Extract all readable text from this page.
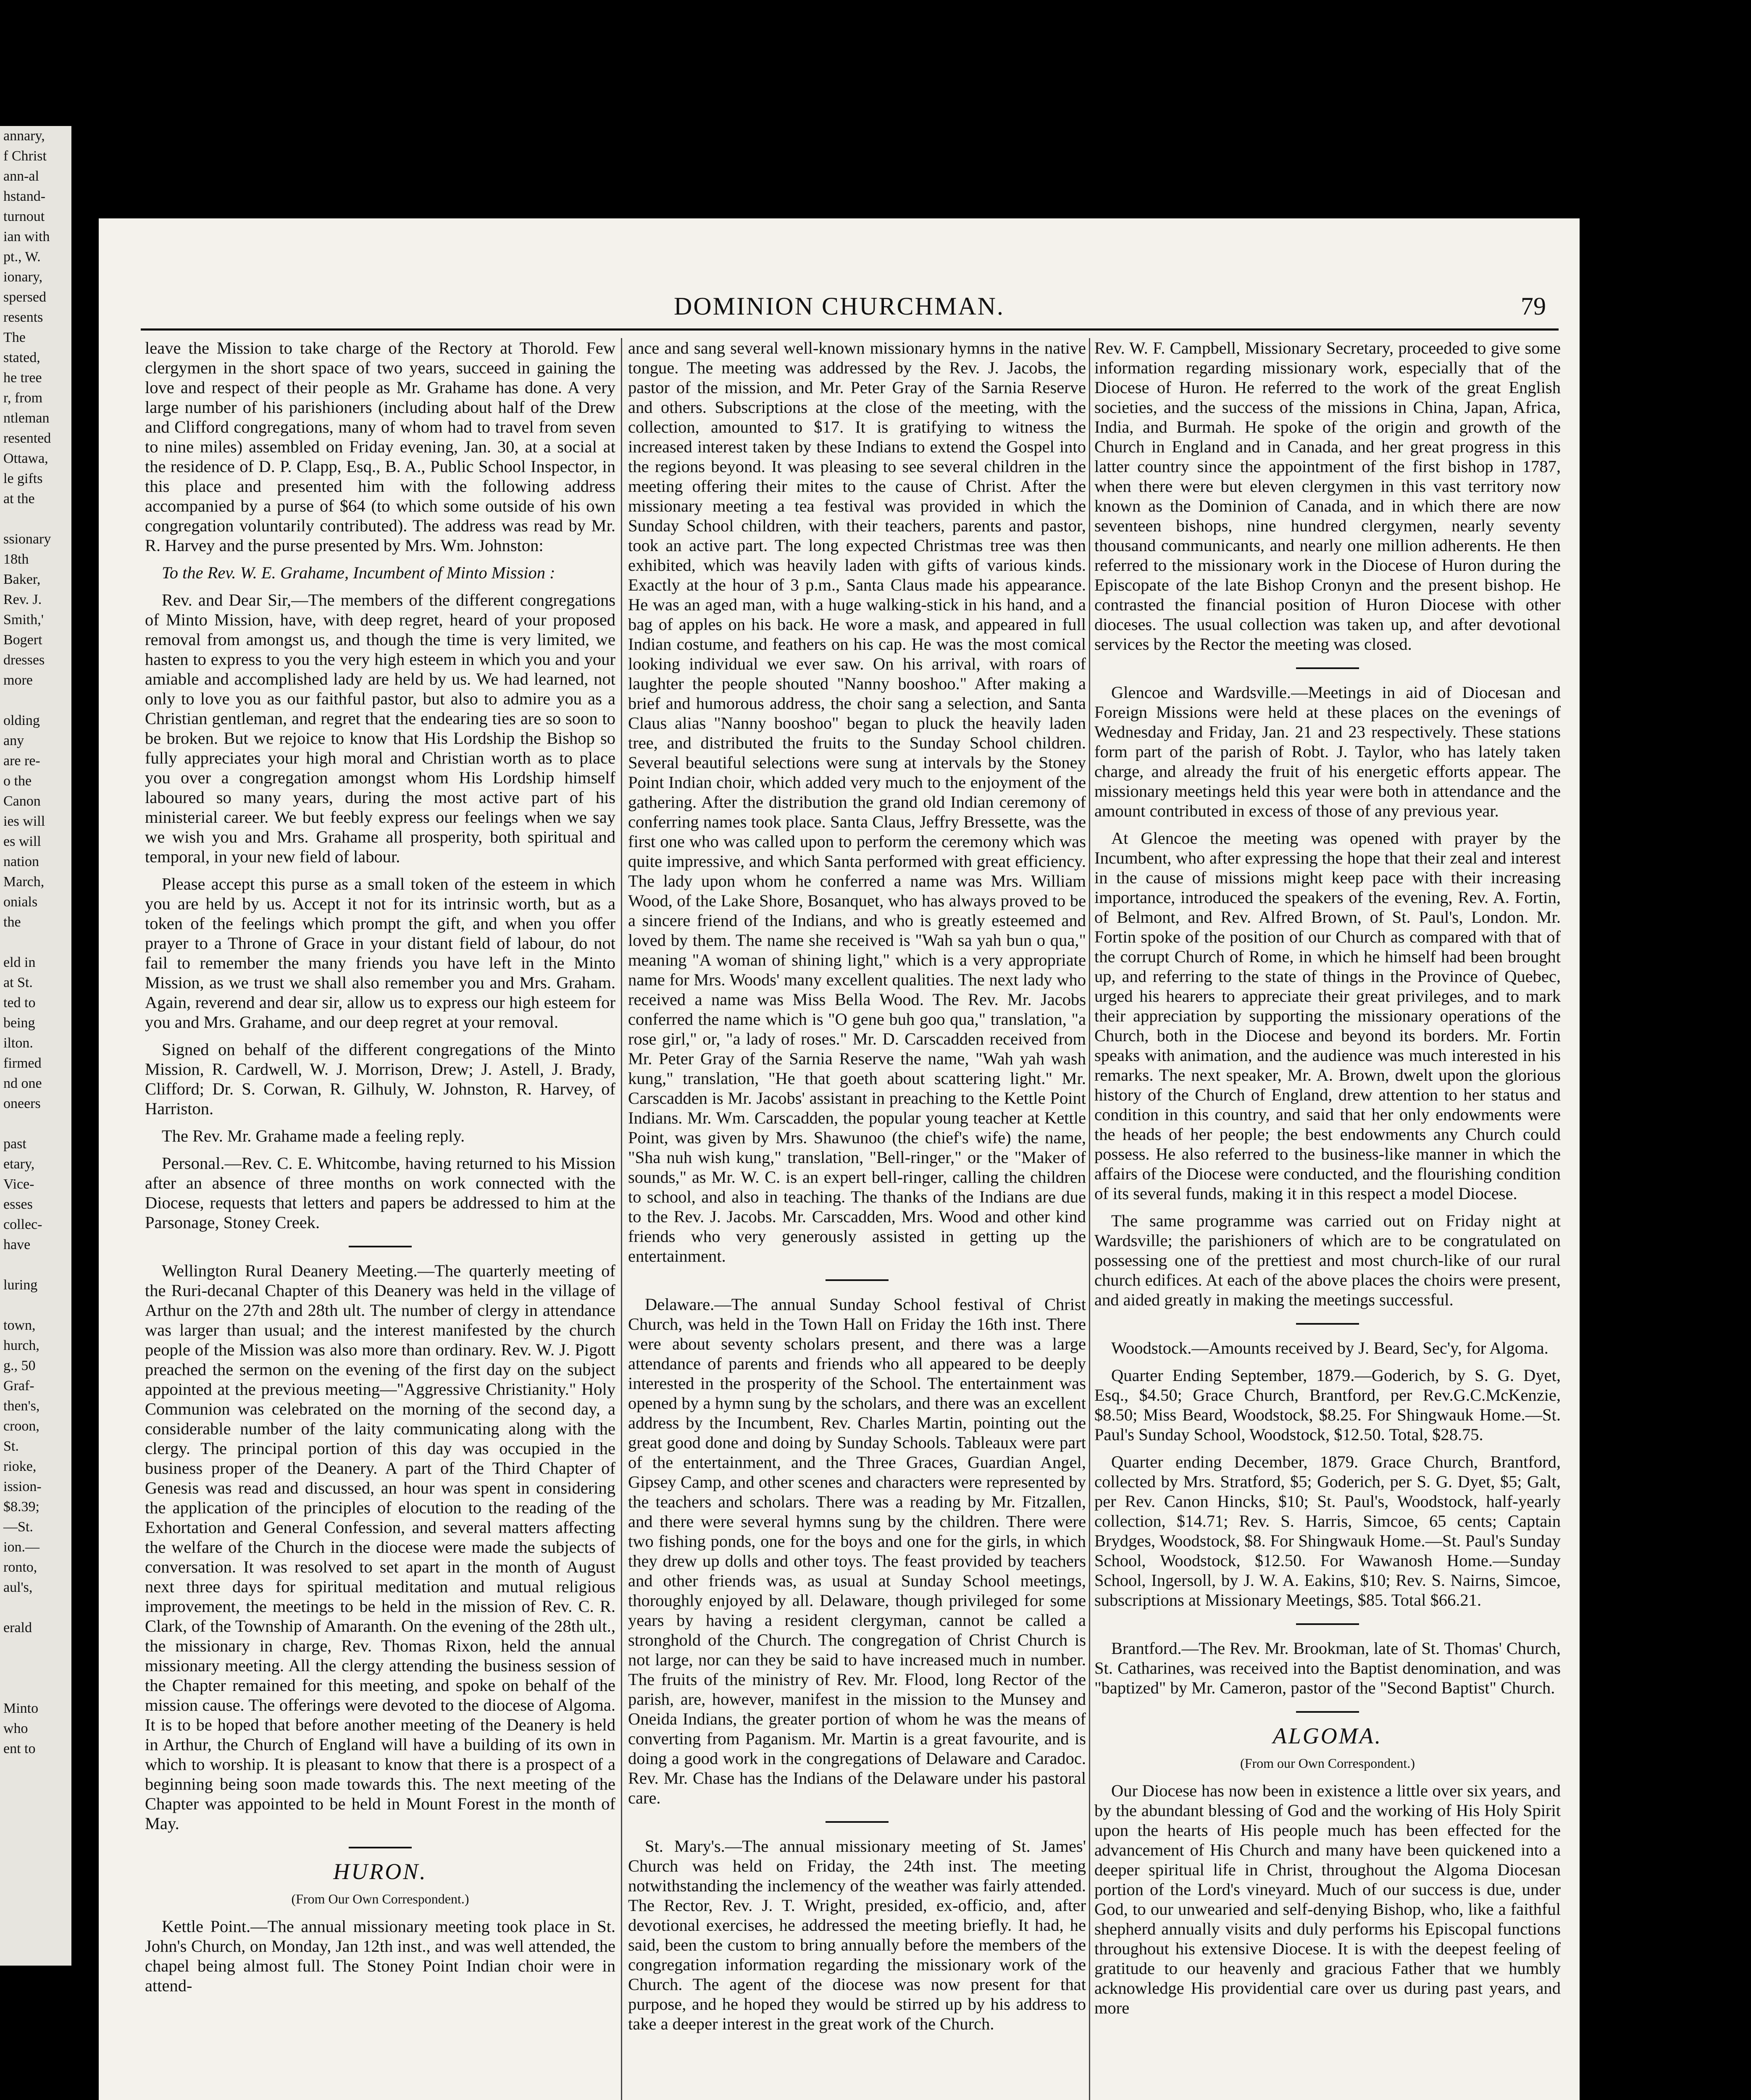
annary,
f Christ
ann-al
hstand-
turnout
ian with
pt., W.
ionary,
spersed
resents
The
stated,
he tree
r, from
ntleman
resented
Ottawa,
le gifts
at the

ssionary
18th
Baker,
Rev. J.
Smith,'
Bogert
dresses
more

olding
any
are re-
o the
Canon
ies will
es will
nation
March,
onials
the

eld in
at St.
ted to
being
ilton.
firmed
nd one
oneers

past
etary,
Vice-
esses
collec-
have

luring

town,
hurch,
g., 50
Graf-
then's,
croon,
St.
rioke,
ission-
$8.39;
—St.
ion.—
ronto,
aul's,

erald

Minto
who
ent to
DOMINION CHURCHMAN.	79

leave the Mission to take charge of the Rectory at Thorold. Few clergymen in the short space of two years, succeed in gaining the love and respect of their people as Mr. Grahame has done. A very large number of his parishioners (including about half of the Drew and Clifford congregations, many of whom had to travel from seven to nine miles) assembled on Friday evening, Jan. 30, at a social at the residence of D. P. Clapp, Esq., B. A., Public School Inspector, in this place and presented him with the following address accompanied by a purse of $64 (to which some outside of his own congregation voluntarily contributed). The address was read by Mr. R. Harvey and the purse presented by Mrs. Wm. Johnston:

To the Rev. W. E. Grahame, Incumbent of Minto Mission :

Rev. and Dear Sir,—The members of the different congregations of Minto Mission, have, with deep regret, heard of your proposed removal from amongst us, and though the time is very limited, we hasten to express to you the very high esteem in which you and your amiable and accomplished lady are held by us. We had learned, not only to love you as our faithful pastor, but also to admire you as a Christian gentleman, and regret that the endearing ties are so soon to be broken. But we rejoice to know that His Lordship the Bishop so fully appreciates your high moral and Christian worth as to place you over a congregation amongst whom His Lordship himself laboured so many years, during the most active part of his ministerial career. We but feebly express our feelings when we say we wish you and Mrs. Grahame all prosperity, both spiritual and temporal, in your new field of labour.

Please accept this purse as a small token of the esteem in which you are held by us. Accept it not for its intrinsic worth, but as a token of the feelings which prompt the gift, and when you offer prayer to a Throne of Grace in your distant field of labour, do not fail to remember the many friends you have left in the Minto Mission, as we trust we shall also remember you and Mrs. Graham. Again, reverend and dear sir, allow us to express our high esteem for you and Mrs. Grahame, and our deep regret at your removal.

Signed on behalf of the different congregations of the Minto Mission, R. Cardwell, W. J. Morrison, Drew; J. Astell, J. Brady, Clifford; Dr. S. Corwan, R. Gilhuly, W. Johnston, R. Harvey, of Harriston.

The Rev. Mr. Grahame made a feeling reply.

Personal.—Rev. C. E. Whitcombe, having returned to his Mission after an absence of three months on work connected with the Diocese, requests that letters and papers be addressed to him at the Parsonage, Stoney Creek.

Wellington Rural Deanery Meeting.—The quarterly meeting of the Ruri-decanal Chapter of this Deanery was held in the village of Arthur on the 27th and 28th ult. The number of clergy in attendance was larger than usual; and the interest manifested by the church people of the Mission was also more than ordinary. Rev. W. J. Pigott preached the sermon on the evening of the first day on the subject appointed at the previous meeting—"Aggressive Christianity." Holy Communion was celebrated on the morning of the second day, a considerable number of the laity communicating along with the clergy. The principal portion of this day was occupied in the business proper of the Deanery. A part of the Third Chapter of Genesis was read and discussed, an hour was spent in considering the application of the principles of elocution to the reading of the Exhortation and General Confession, and several matters affecting the welfare of the Church in the diocese were made the subjects of conversation. It was resolved to set apart in the month of August next three days for spiritual meditation and mutual religious improvement, the meetings to be held in the mission of Rev. C. R. Clark, of the Township of Amaranth. On the evening of the 28th ult., the missionary in charge, Rev. Thomas Rixon, held the annual missionary meeting. All the clergy attending the business session of the Chapter remained for this meeting, and spoke on behalf of the mission cause. The offerings were devoted to the diocese of Algoma. It is to be hoped that before another meeting of the Deanery is held in Arthur, the Church of England will have a building of its own in which to worship. It is pleasant to know that there is a prospect of a beginning being soon made towards this. The next meeting of the Chapter was appointed to be held in Mount Forest in the month of May.

HURON.

(From Our Own Correspondent.)

Kettle Point.—The annual missionary meeting took place in St. John's Church, on Monday, Jan 12th inst., and was well attended, the chapel being almost full. The Stoney Point Indian choir were in attend-

ance and sang several well-known missionary hymns in the native tongue. The meeting was addressed by the Rev. J. Jacobs, the pastor of the mission, and Mr. Peter Gray of the Sarnia Reserve and others. Subscriptions at the close of the meeting, with the collection, amounted to $17. It is gratifying to witness the increased interest taken by these Indians to extend the Gospel into the regions beyond. It was pleasing to see several children in the meeting offering their mites to the cause of Christ. After the missionary meeting a tea festival was provided in which the Sunday School children, with their teachers, parents and pastor, took an active part. The long expected Christmas tree was then exhibited, which was heavily laden with gifts of various kinds. Exactly at the hour of 3 p.m., Santa Claus made his appearance. He was an aged man, with a huge walking-stick in his hand, and a bag of apples on his back. He wore a mask, and appeared in full Indian costume, and feathers on his cap. He was the most comical looking individual we ever saw. On his arrival, with roars of laughter the people shouted "Nanny booshoo." After making a brief and humorous address, the choir sang a selection, and Santa Claus alias "Nanny booshoo" began to pluck the heavily laden tree, and distributed the fruits to the Sunday School children. Several beautiful selections were sung at intervals by the Stoney Point Indian choir, which added very much to the enjoyment of the gathering. After the distribution the grand old Indian ceremony of conferring names took place. Santa Claus, Jeffry Bressette, was the first one who was called upon to perform the ceremony which was quite impressive, and which Santa performed with great efficiency. The lady upon whom he conferred a name was Mrs. William Wood, of the Lake Shore, Bosanquet, who has always proved to be a sincere friend of the Indians, and who is greatly esteemed and loved by them. The name she received is "Wah sa yah bun o qua," meaning "A woman of shining light," which is a very appropriate name for Mrs. Woods' many excellent qualities. The next lady who received a name was Miss Bella Wood. The Rev. Mr. Jacobs conferred the name which is "O gene buh goo qua," translation, "a rose girl," or, "a lady of roses." Mr. D. Carscadden received from Mr. Peter Gray of the Sarnia Reserve the name, "Wah yah wash kung," translation, "He that goeth about scattering light." Mr. Carscadden is Mr. Jacobs' assistant in preaching to the Kettle Point Indians. Mr. Wm. Carscadden, the popular young teacher at Kettle Point, was given by Mrs. Shawunoo (the chief's wife) the name, "Sha nuh wish kung," translation, "Bell-ringer," or the "Maker of sounds," as Mr. W. C. is an expert bell-ringer, calling the children to school, and also in teaching. The thanks of the Indians are due to the Rev. J. Jacobs. Mr. Carscadden, Mrs. Wood and other kind friends who very generously assisted in getting up the entertainment.

Delaware.—The annual Sunday School festival of Christ Church, was held in the Town Hall on Friday the 16th inst. There were about seventy scholars present, and there was a large attendance of parents and friends who all appeared to be deeply interested in the prosperity of the School. The entertainment was opened by a hymn sung by the scholars, and there was an excellent address by the Incumbent, Rev. Charles Martin, pointing out the great good done and doing by Sunday Schools. Tableaux were part of the entertainment, and the Three Graces, Guardian Angel, Gipsey Camp, and other scenes and characters were represented by the teachers and scholars. There was a reading by Mr. Fitzallen, and there were several hymns sung by the children. There were two fishing ponds, one for the boys and one for the girls, in which they drew up dolls and other toys. The feast provided by teachers and other friends was, as usual at Sunday School meetings, thoroughly enjoyed by all. Delaware, though privileged for some years by having a resident clergyman, cannot be called a stronghold of the Church. The congregation of Christ Church is not large, nor can they be said to have increased much in number. The fruits of the ministry of Rev. Mr. Flood, long Rector of the parish, are, however, manifest in the mission to the Munsey and Oneida Indians, the greater portion of whom he was the means of converting from Paganism. Mr. Martin is a great favourite, and is doing a good work in the congregations of Delaware and Caradoc. Rev. Mr. Chase has the Indians of the Delaware under his pastoral care.

St. Mary's.—The annual missionary meeting of St. James' Church was held on Friday, the 24th inst. The meeting notwithstanding the inclemency of the weather was fairly attended. The Rector, Rev. J. T. Wright, presided, ex-officio, and, after devotional exercises, he addressed the meeting briefly. It had, he said, been the custom to bring annually before the members of the congregation information regarding the missionary work of the Church. The agent of the diocese was now present for that purpose, and he hoped they would be stirred up by his address to take a deeper interest in the great work of the Church.

Rev. W. F. Campbell, Missionary Secretary, proceeded to give some information regarding missionary work, especially that of the Diocese of Huron. He referred to the work of the great English societies, and the success of the missions in China, Japan, Africa, India, and Burmah. He spoke of the origin and growth of the Church in England and in Canada, and her great progress in this latter country since the appointment of the first bishop in 1787, when there were but eleven clergymen in this vast territory now known as the Dominion of Canada, and in which there are now seventeen bishops, nine hundred clergymen, nearly seventy thousand communicants, and nearly one million adherents. He then referred to the missionary work in the Diocese of Huron during the Episcopate of the late Bishop Cronyn and the present bishop. He contrasted the financial position of Huron Diocese with other dioceses. The usual collection was taken up, and after devotional services by the Rector the meeting was closed.

Glencoe and Wardsville.—Meetings in aid of Diocesan and Foreign Missions were held at these places on the evenings of Wednesday and Friday, Jan. 21 and 23 respectively. These stations form part of the parish of Robt. J. Taylor, who has lately taken charge, and already the fruit of his energetic efforts appear. The missionary meetings held this year were both in attendance and the amount contributed in excess of those of any previous year.

At Glencoe the meeting was opened with prayer by the Incumbent, who after expressing the hope that their zeal and interest in the cause of missions might keep pace with their increasing importance, introduced the speakers of the evening, Rev. A. Fortin, of Belmont, and Rev. Alfred Brown, of St. Paul's, London. Mr. Fortin spoke of the position of our Church as compared with that of the corrupt Church of Rome, in which he himself had been brought up, and referring to the state of things in the Province of Quebec, urged his hearers to appreciate their great privileges, and to mark their appreciation by supporting the missionary operations of the Church, both in the Diocese and beyond its borders. Mr. Fortin speaks with animation, and the audience was much interested in his remarks. The next speaker, Mr. A. Brown, dwelt upon the glorious history of the Church of England, drew attention to her status and condition in this country, and said that her only endowments were the heads of her people; the best endowments any Church could possess. He also referred to the business-like manner in which the affairs of the Diocese were conducted, and the flourishing condition of its several funds, making it in this respect a model Diocese.

The same programme was carried out on Friday night at Wardsville; the parishioners of which are to be congratulated on possessing one of the prettiest and most church-like of our rural church edifices. At each of the above places the choirs were present, and aided greatly in making the meetings successful.

Woodstock.—Amounts received by J. Beard, Sec'y, for Algoma.

Quarter Ending September, 1879.—Goderich, by S. G. Dyet, Esq., $4.50; Grace Church, Brantford, per Rev.G.C.McKenzie, $8.50; Miss Beard, Woodstock, $8.25. For Shingwauk Home.—St. Paul's Sunday School, Woodstock, $12.50. Total, $28.75.

Quarter ending December, 1879. Grace Church, Brantford, collected by Mrs. Stratford, $5; Goderich, per S. G. Dyet, $5; Galt, per Rev. Canon Hincks, $10; St. Paul's, Woodstock, half-yearly collection, $14.71; Rev. S. Harris, Simcoe, 65 cents; Captain Brydges, Woodstock, $8. For Shingwauk Home.—St. Paul's Sunday School, Woodstock, $12.50. For Wawanosh Home.—Sunday School, Ingersoll, by J. W. A. Eakins, $10; Rev. S. Nairns, Simcoe, subscriptions at Missionary Meetings, $85. Total $66.21.

Brantford.—The Rev. Mr. Brookman, late of St. Thomas' Church, St. Catharines, was received into the Baptist denomination, and was "baptized" by Mr. Cameron, pastor of the "Second Baptist" Church.

ALGOMA.

(From our Own Correspondent.)

Our Diocese has now been in existence a little over six years, and by the abundant blessing of God and the working of His Holy Spirit upon the hearts of His people much has been effected for the advancement of His Church and many have been quickened into a deeper spiritual life in Christ, throughout the Algoma Diocesan portion of the Lord's vineyard. Much of our success is due, under God, to our unwearied and self-denying Bishop, who, like a faithful shepherd annually visits and duly performs his Episcopal functions throughout his extensive Diocese. It is with the deepest feeling of gratitude to our heavenly and gracious Father that we humbly acknowledge His providential care over us during past years, and more
